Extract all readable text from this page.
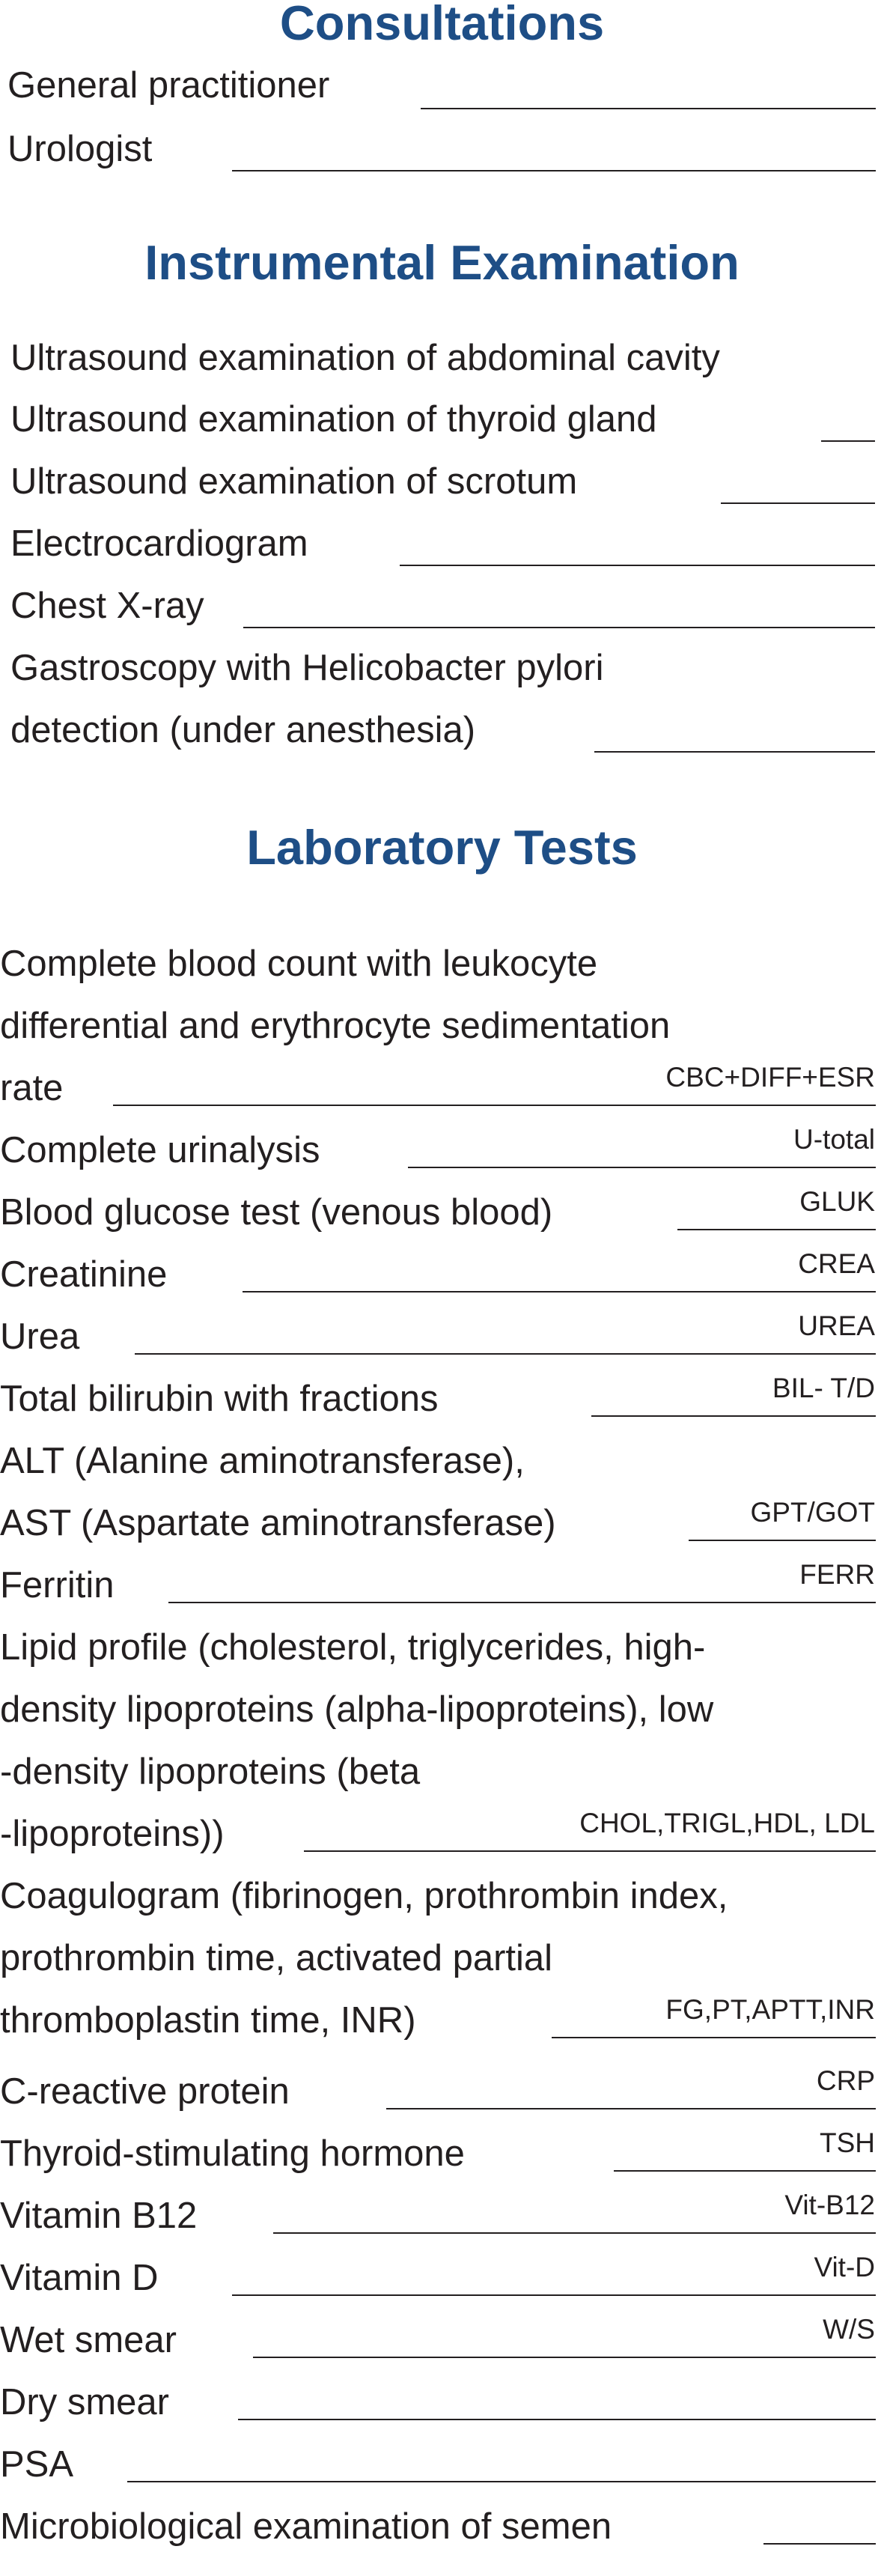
Consultations
General practitioner
Urologist
Instrumental Examination
Ultrasound examination of abdominal cavity
Ultrasound examination of thyroid gland
Ultrasound examination of scrotum
Electrocardiogram
Chest X-ray
Gastroscopy with Helicobacter pylori
detection (under anesthesia)
Laboratory Tests
Complete blood count with leukocyte
differential and erythrocyte sedimentation
rate	CBC+DIFF+ESR
Complete urinalysis	U-total
Blood glucose test (venous blood)	GLUK
Creatinine	CREA
Urea	UREA
Total bilirubin with fractions	BIL- T/D
ALT (Alanine aminotransferase),
AST (Aspartate aminotransferase)	GPT/GOT
Ferritin	FERR
Lipid profile (cholesterol, triglycerides, high-
density lipoproteins (alpha-lipoproteins), low
-density lipoproteins (beta
-lipoproteins))	CHOL,TRIGL,HDL, LDL
Coagulogram (fibrinogen, prothrombin index,
prothrombin time, activated partial
thromboplastin time, INR)	FG,PT,APTT,INR
C-reactive protein	CRP
Thyroid-stimulating hormone	TSH
Vitamin B12	Vit-B12
Vitamin D	Vit-D
Wet smear	W/S
Dry smear
PSA
Microbiological examination of semen
